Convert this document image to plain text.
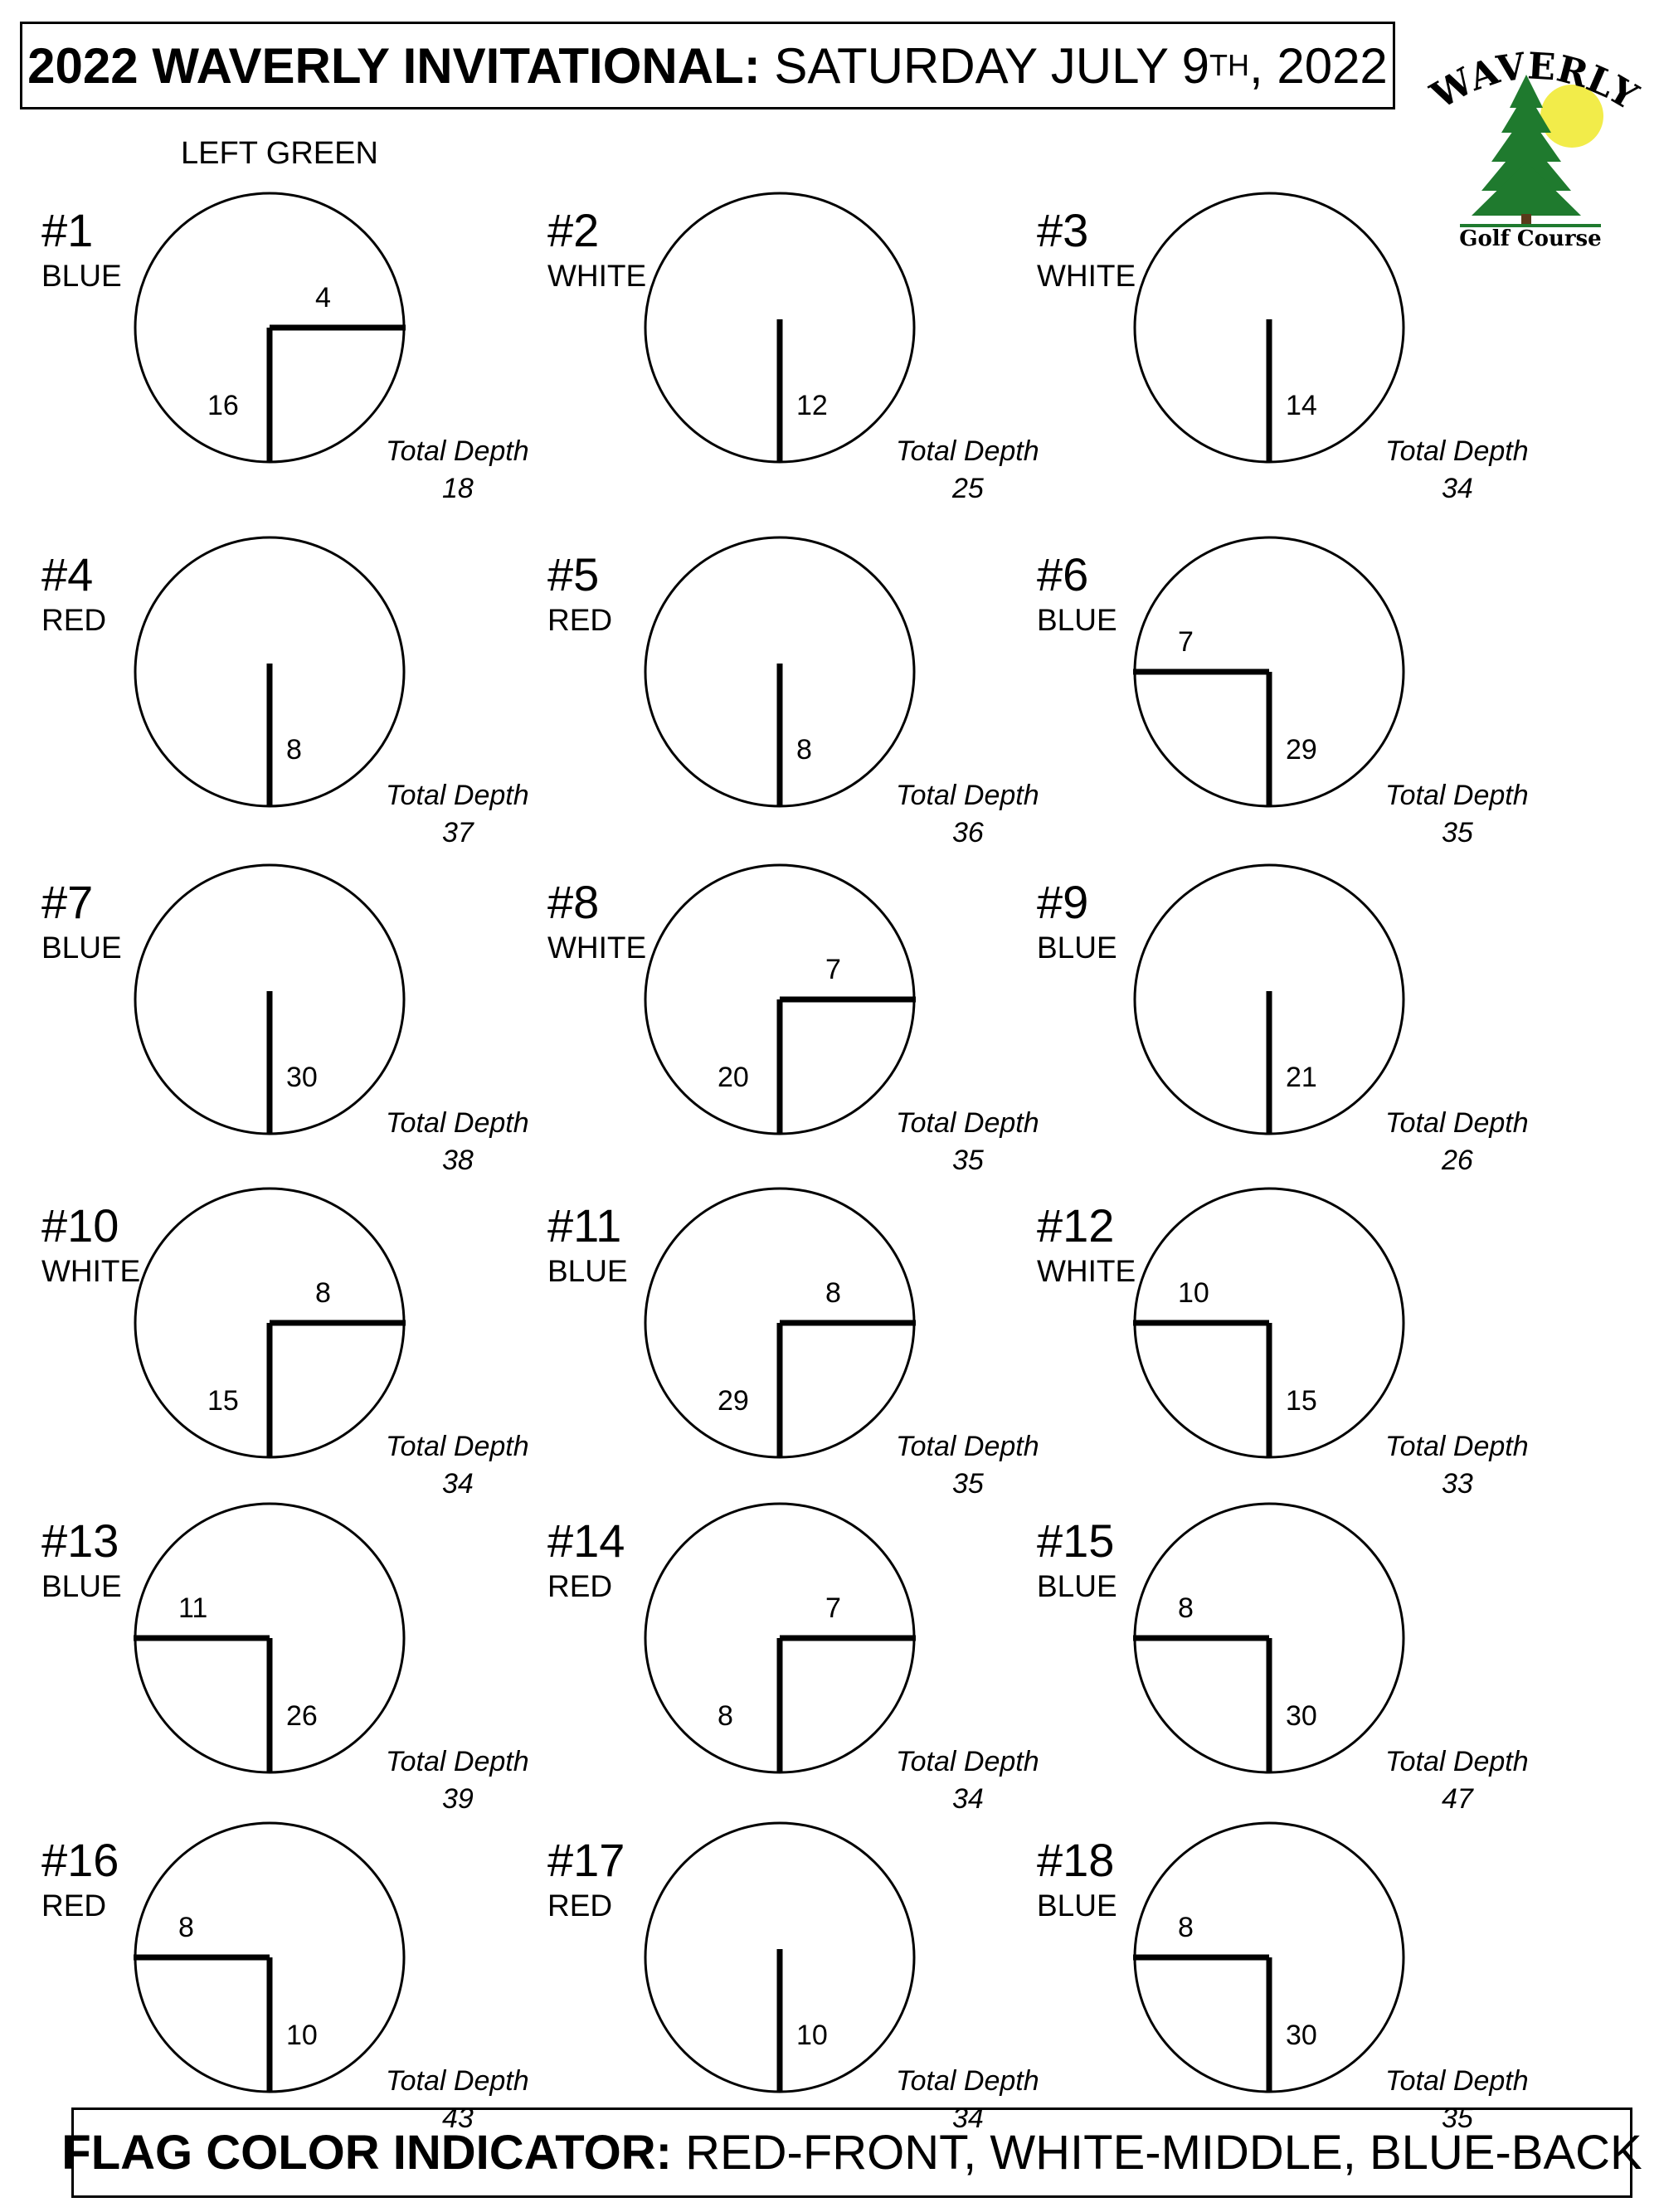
2022 WAVERLY INVITATIONAL:
SATURDAY JULY 9 TH , 2022 WAVERLY
Golf Course
LEFT GREEN
#1
BLUE
16
4
Total Depth
18
#2
WHITE
12
Total Depth
25
#3
WHITE
14
Total Depth
34
#4
RED
8
Total Depth
37
#5
RED
8
Total Depth
36
#6
BLUE
29
7
Total Depth
35
#7
BLUE
30
Total Depth
38
#8
WHITE
20
7
Total Depth
35
#9
BLUE
21
Total Depth
26
#10
WHITE
15
8
Total Depth
34
#11
BLUE
29
8
Total Depth
35
#12
WHITE
15
10
Total Depth
33
#13
BLUE
26
11
Total Depth
39
#14
RED
8
7
Total Depth
34
#15
BLUE
30
8
Total Depth
47
#16
RED
10
8
Total Depth
43
#17
RED
10
Total Depth
34
#18
BLUE
30
8
Total Depth
35
FLAG COLOR INDICATOR:
RED-FRONT, WHITE-MIDDLE, BLUE-BACK
